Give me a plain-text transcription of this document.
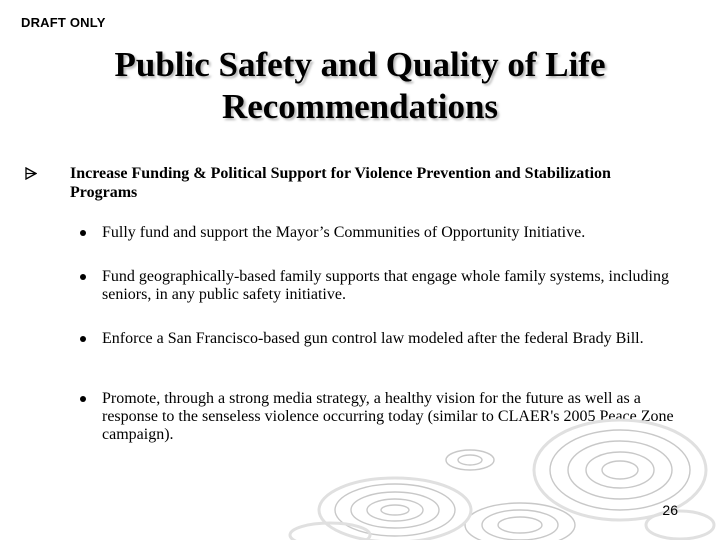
DRAFT ONLY
Public Safety and Quality of Life
Recommendations
Increase Funding & Political Support for Violence Prevention and Stabilization Programs
Fully fund and support the Mayor’s Communities of Opportunity Initiative.
Fund geographically-based family supports that engage whole family systems, including seniors, in any public safety initiative.
Enforce a San Francisco-based gun control law modeled after the federal Brady Bill.
Promote, through a strong media strategy, a healthy vision for the future as well as a response to the senseless violence occurring today (similar to CLAER's 2005 Peace Zone campaign).
26
